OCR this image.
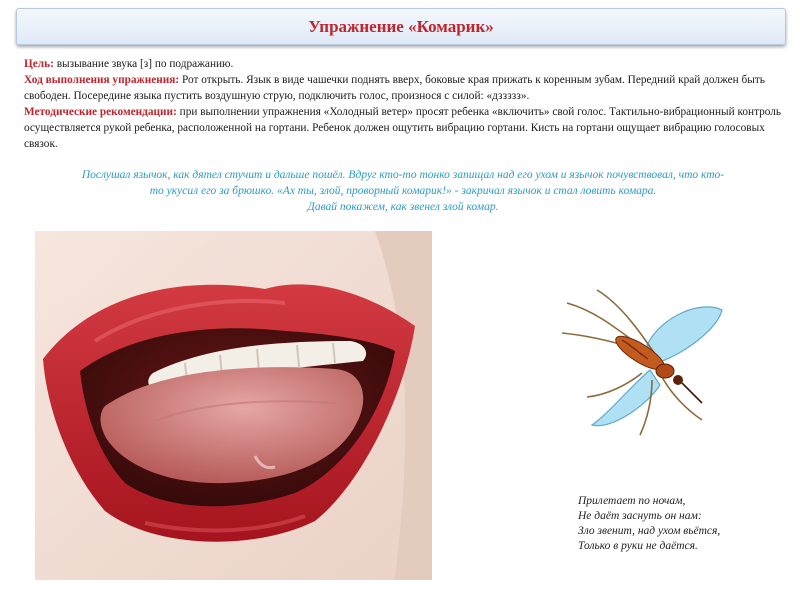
Упражнение «Комарик»

Цель: вызывание звука [з] по подражанию.

Ход выполнения упражнения: Рот открыть. Язык в виде чашечки поднять вверх, боковые края прижать к коренным зубам. Передний край должен быть свободен. Посередине языка пустить воздушную струю, подключить голос, произнося с силой: «дззззз».

Методические рекомендации: при выполнении упражнения «Холодный ветер» просят ребенка «включить» свой голос. Тактильно-вибрационный контроль осуществляется рукой ребенка, расположенной на гортани. Ребенок должен ощутить вибрацию гортани. Кисть на гортани ощущает вибрацию голосовых связок.

Послушал язычок, как дятел стучит и дальше пошёл. Вдруг кто-то тонко запищал над его ухом и язычок почувствовал, что кто-

то укусил его за брюшко. «Ах ты, злой, проворный комарик!» - закричал язычок и стал ловить комара.

Давай покажем, как звенел злой комар.

Прилетает по ночам,

Не даёт заснуть он нам:

Зло звенит, над ухом вьётся,

Только в руки не даётся.
